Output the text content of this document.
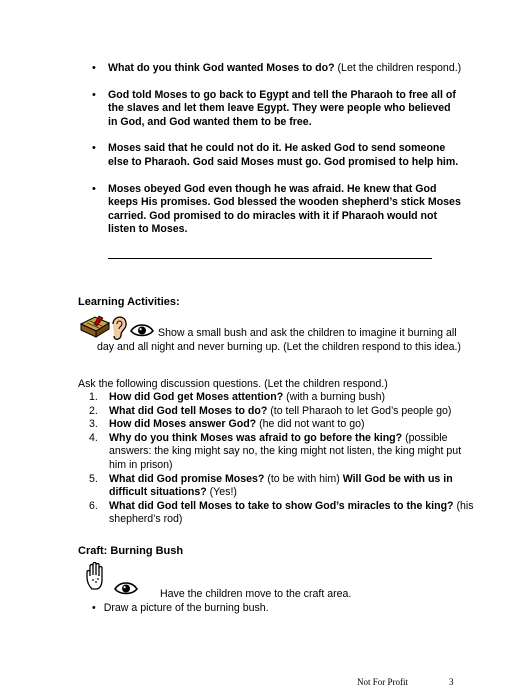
• What do you think God wanted Moses to do? (Let the children respond.)
• God told Moses to go back to Egypt and tell the Pharaoh to free all of the slaves and let them leave Egypt. They were people who believed in God, and God wanted them to be free.
• Moses said that he could not do it. He asked God to send someone else to Pharaoh. God said Moses must go. God promised to help him.
• Moses obeyed God even though he was afraid. He knew that God keeps His promises. God blessed the wooden shepherd’s stick Moses carried. God promised to do miracles with it if Pharaoh would not listen to Moses.
Learning Activities:
Show a small bush and ask the children to imagine it burning all day and all night and never burning up. (Let the children respond to this idea.)
Ask the following discussion questions. (Let the children respond.)
1. How did God get Moses attention? (with a burning bush)
2. What did God tell Moses to do? (to tell Pharaoh to let God’s people go)
3. How did Moses answer God? (he did not want to go)
4. Why do you think Moses was afraid to go before the king? (possible answers: the king might say no, the king might not listen, the king might put him in prison)
5. What did God promise Moses? (to be with him) Will God be with us in difficult situations? (Yes!)
6. What did God tell Moses to take to show God’s miracles to the king? (his shepherd’s rod)
Craft: Burning Bush
Have the children move to the craft area.
• Draw a picture of the burning bush.
Not For Profit	3
